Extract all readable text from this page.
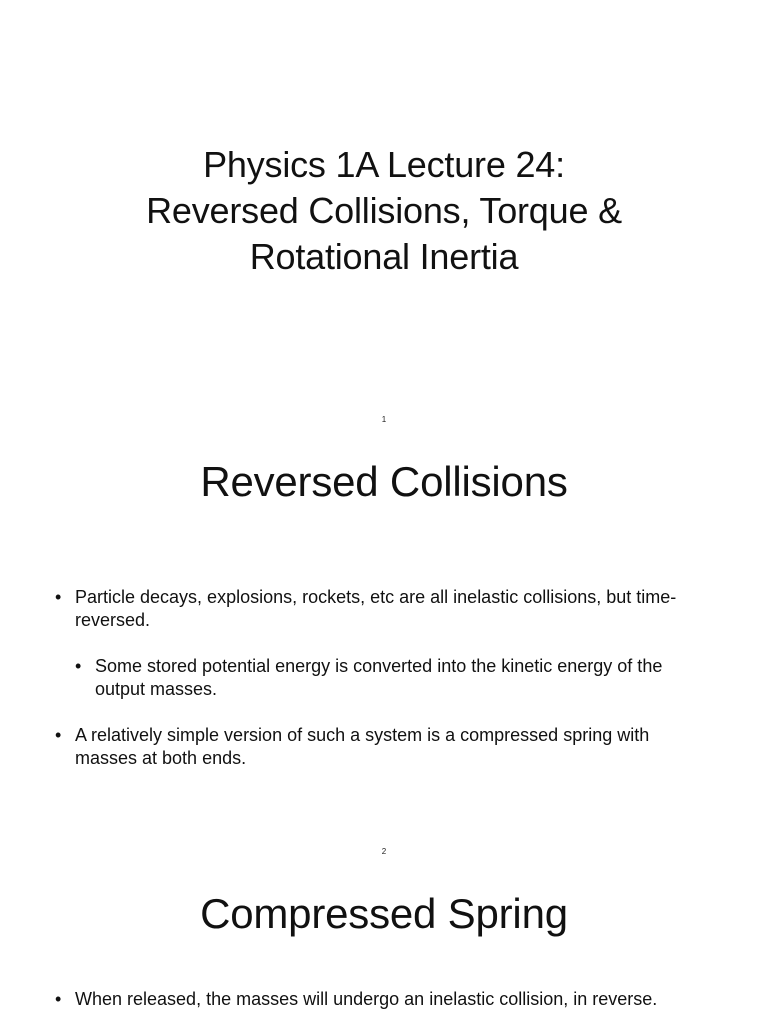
Physics 1A Lecture 24:
Reversed Collisions, Torque &
Rotational Inertia
1
Reversed Collisions
• Particle decays, explosions, rockets, etc are all inelastic collisions, but time-reversed.
• Some stored potential energy is converted into the kinetic energy of the output masses.
• A relatively simple version of such a system is a compressed spring with masses at both ends.
2
Compressed Spring
• When released, the masses will undergo an inelastic collision, in reverse.
